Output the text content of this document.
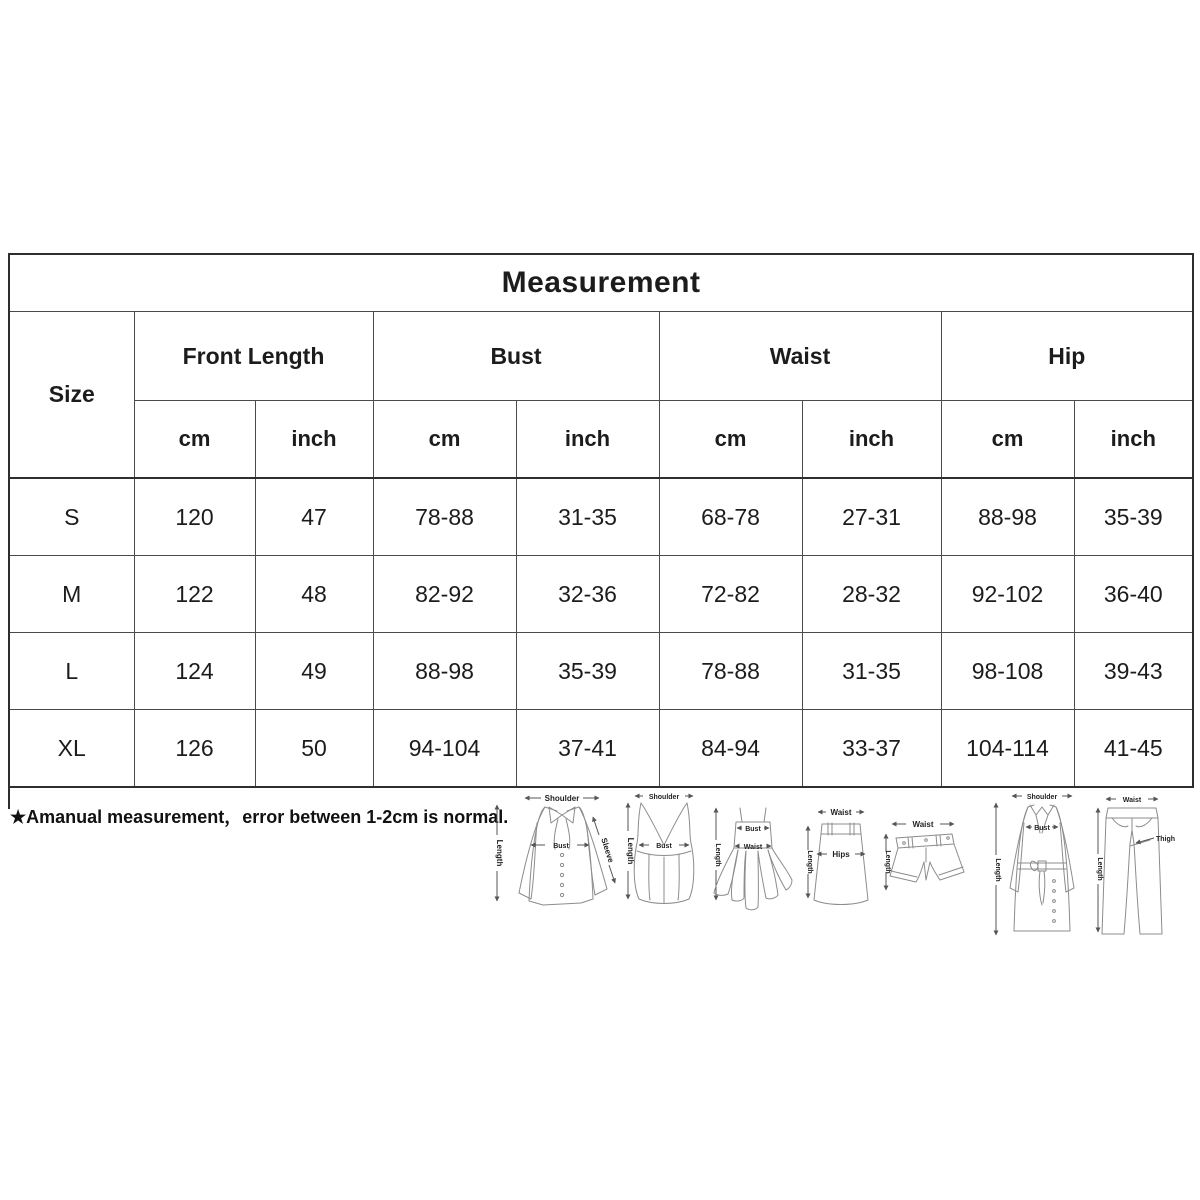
Measurement								
Size	Front Length		Bust		Waist		Hip	
	cm	inch	cm	inch	cm	inch	cm	inch
S	120	47	78-88	31-35	68-78	27-31	88-98	35-39
M	122	48	82-92	32-36	72-82	28-32	92-102	36-40
L	124	49	88-98	35-39	78-88	31-35	98-108	39-43
XL	126	50	94-104	37-41	84-94	33-37	104-114	41-45
★Amanual measurement，error between 1-2cm is normal.
Shoulder
Length	Bust	Sleeve
Shoulder
Length	Bust	Length
Bust
Waist
Waist
Length Hips
Waist
Length
Shoulder
Length
Bust
Waist
Length
Thigh
